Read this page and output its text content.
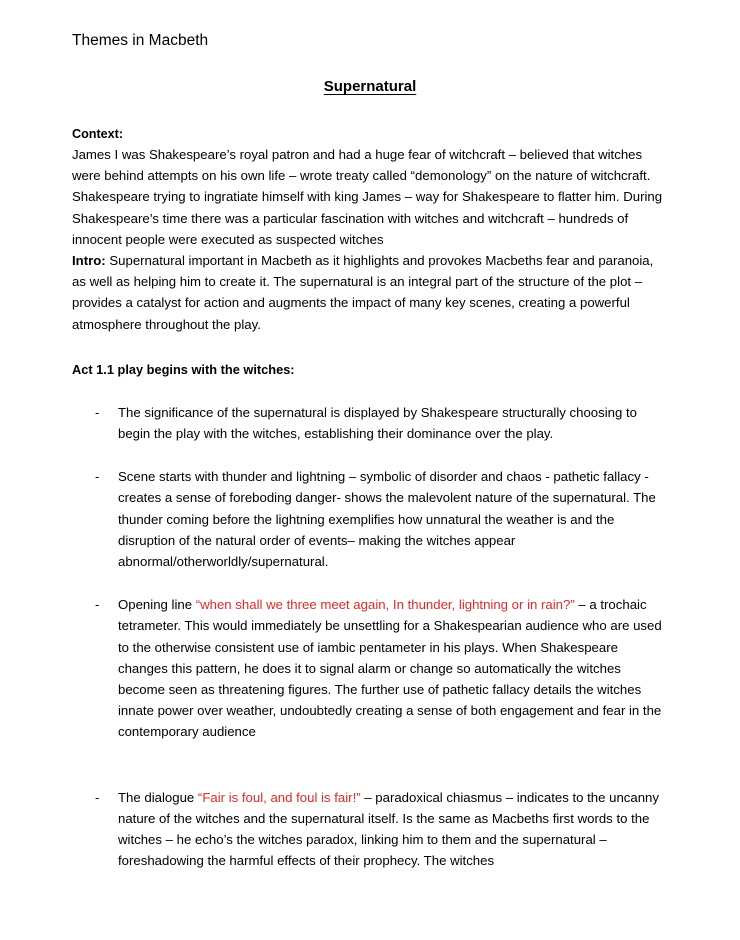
Themes in Macbeth
Supernatural
Context:

James I was Shakespeare’s royal patron and had a huge fear of witchcraft – believed that witches were behind attempts on his own life – wrote treaty called “demonology” on the nature of witchcraft. Shakespeare trying to ingratiate himself with king James – way for Shakespeare to flatter him. During Shakespeare’s time there was a particular fascination with witches and witchcraft – hundreds of innocent people were executed as suspected witches

Intro: Supernatural important in Macbeth as it highlights and provokes Macbeths fear and paranoia, as well as helping him to create it. The supernatural is an integral part of the structure of the plot – provides a catalyst for action and augments the impact of many key scenes, creating a powerful atmosphere throughout the play.

Act 1.1 play begins with the witches:
- The significance of the supernatural is displayed by Shakespeare structurally choosing to begin the play with the witches, establishing their dominance over the play.
- Scene starts with thunder and lightning – symbolic of disorder and chaos - pathetic fallacy - creates a sense of foreboding danger- shows the malevolent nature of the supernatural. The thunder coming before the lightning exemplifies how unnatural the weather is and the disruption of the natural order of events– making the witches appear abnormal/otherworldly/supernatural.
- Opening line “when shall we three meet again, In thunder, lightning or in rain?” – a trochaic tetrameter. This would immediately be unsettling for a Shakespearian audience who are used to the otherwise consistent use of iambic pentameter in his plays. When Shakespeare changes this pattern, he does it to signal alarm or change so automatically the witches become seen as threatening figures. The further use of pathetic fallacy details the witches innate power over weather, undoubtedly creating a sense of both engagement and fear in the contemporary audience
- The dialogue “Fair is foul, and foul is fair!” – paradoxical chiasmus – indicates to the uncanny nature of the witches and the supernatural itself. Is the same as Macbeths first words to the witches – he echo’s the witches paradox, linking him to them and the supernatural – foreshadowing the harmful effects of their prophecy. The witches
